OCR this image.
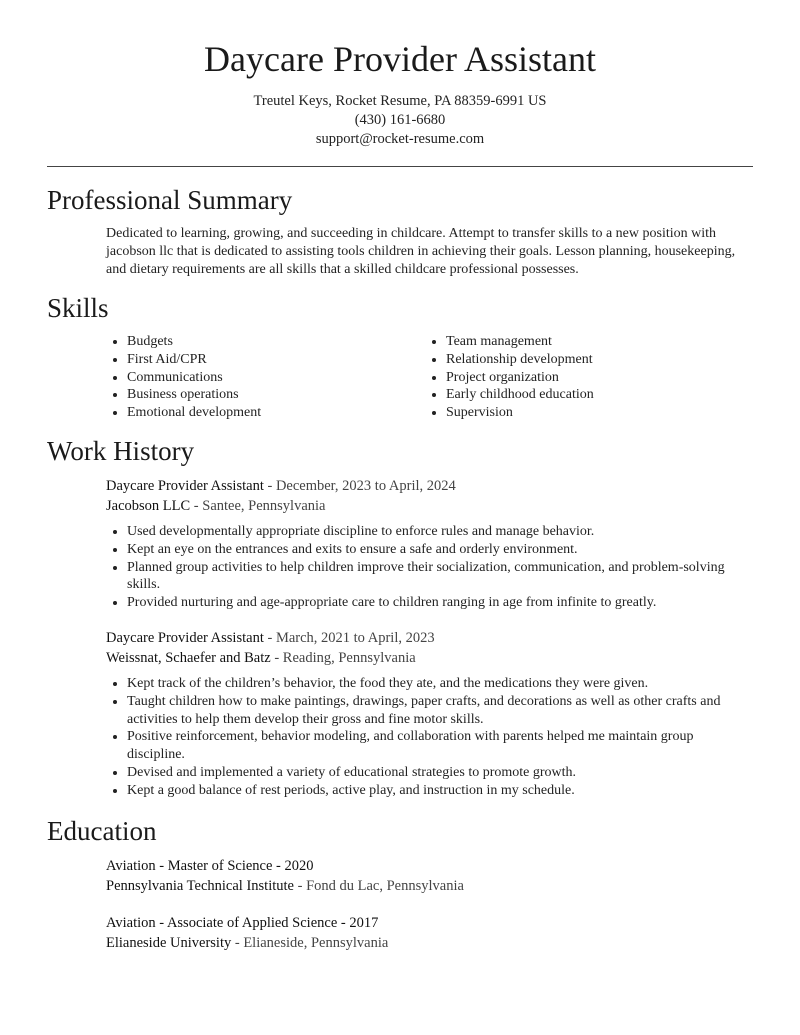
Daycare Provider Assistant
Treutel Keys, Rocket Resume, PA 88359-6991 US
(430) 161-6680
support@rocket-resume.com
Professional Summary
Dedicated to learning, growing, and succeeding in childcare. Attempt to transfer skills to a new position with jacobson llc that is dedicated to assisting tools children in achieving their goals. Lesson planning, housekeeping, and dietary requirements are all skills that a skilled childcare professional possesses.
Skills
• Budgets
• First Aid/CPR
• Communications
• Business operations
• Emotional development
• Team management
• Relationship development
• Project organization
• Early childhood education
• Supervision
Work History
Daycare Provider Assistant - December, 2023 to April, 2024
Jacobson LLC - Santee, Pennsylvania
• Used developmentally appropriate discipline to enforce rules and manage behavior.
• Kept an eye on the entrances and exits to ensure a safe and orderly environment.
• Planned group activities to help children improve their socialization, communication, and problem-solving skills.
• Provided nurturing and age-appropriate care to children ranging in age from infinite to greatly.
Daycare Provider Assistant - March, 2021 to April, 2023
Weissnat, Schaefer and Batz - Reading, Pennsylvania
• Kept track of the children’s behavior, the food they ate, and the medications they were given.
• Taught children how to make paintings, drawings, paper crafts, and decorations as well as other crafts and activities to help them develop their gross and fine motor skills.
• Positive reinforcement, behavior modeling, and collaboration with parents helped me maintain group discipline.
• Devised and implemented a variety of educational strategies to promote growth.
• Kept a good balance of rest periods, active play, and instruction in my schedule.
Education
Aviation - Master of Science - 2020
Pennsylvania Technical Institute - Fond du Lac, Pennsylvania
Aviation - Associate of Applied Science - 2017
Elianeside University - Elianeside, Pennsylvania
